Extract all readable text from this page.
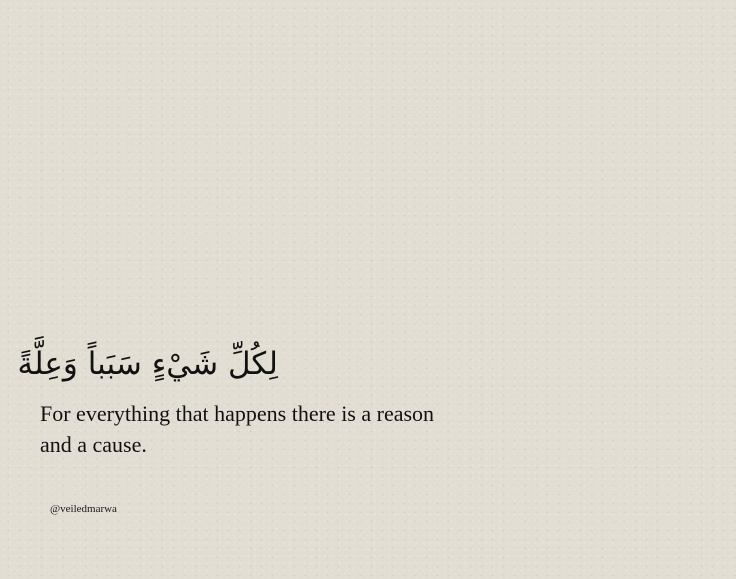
لِكُلِّ شَيْءٍ سَبَباً وَعِلَّةً
For everything that happens there is a reason
and a cause.
@veiledmarwa
